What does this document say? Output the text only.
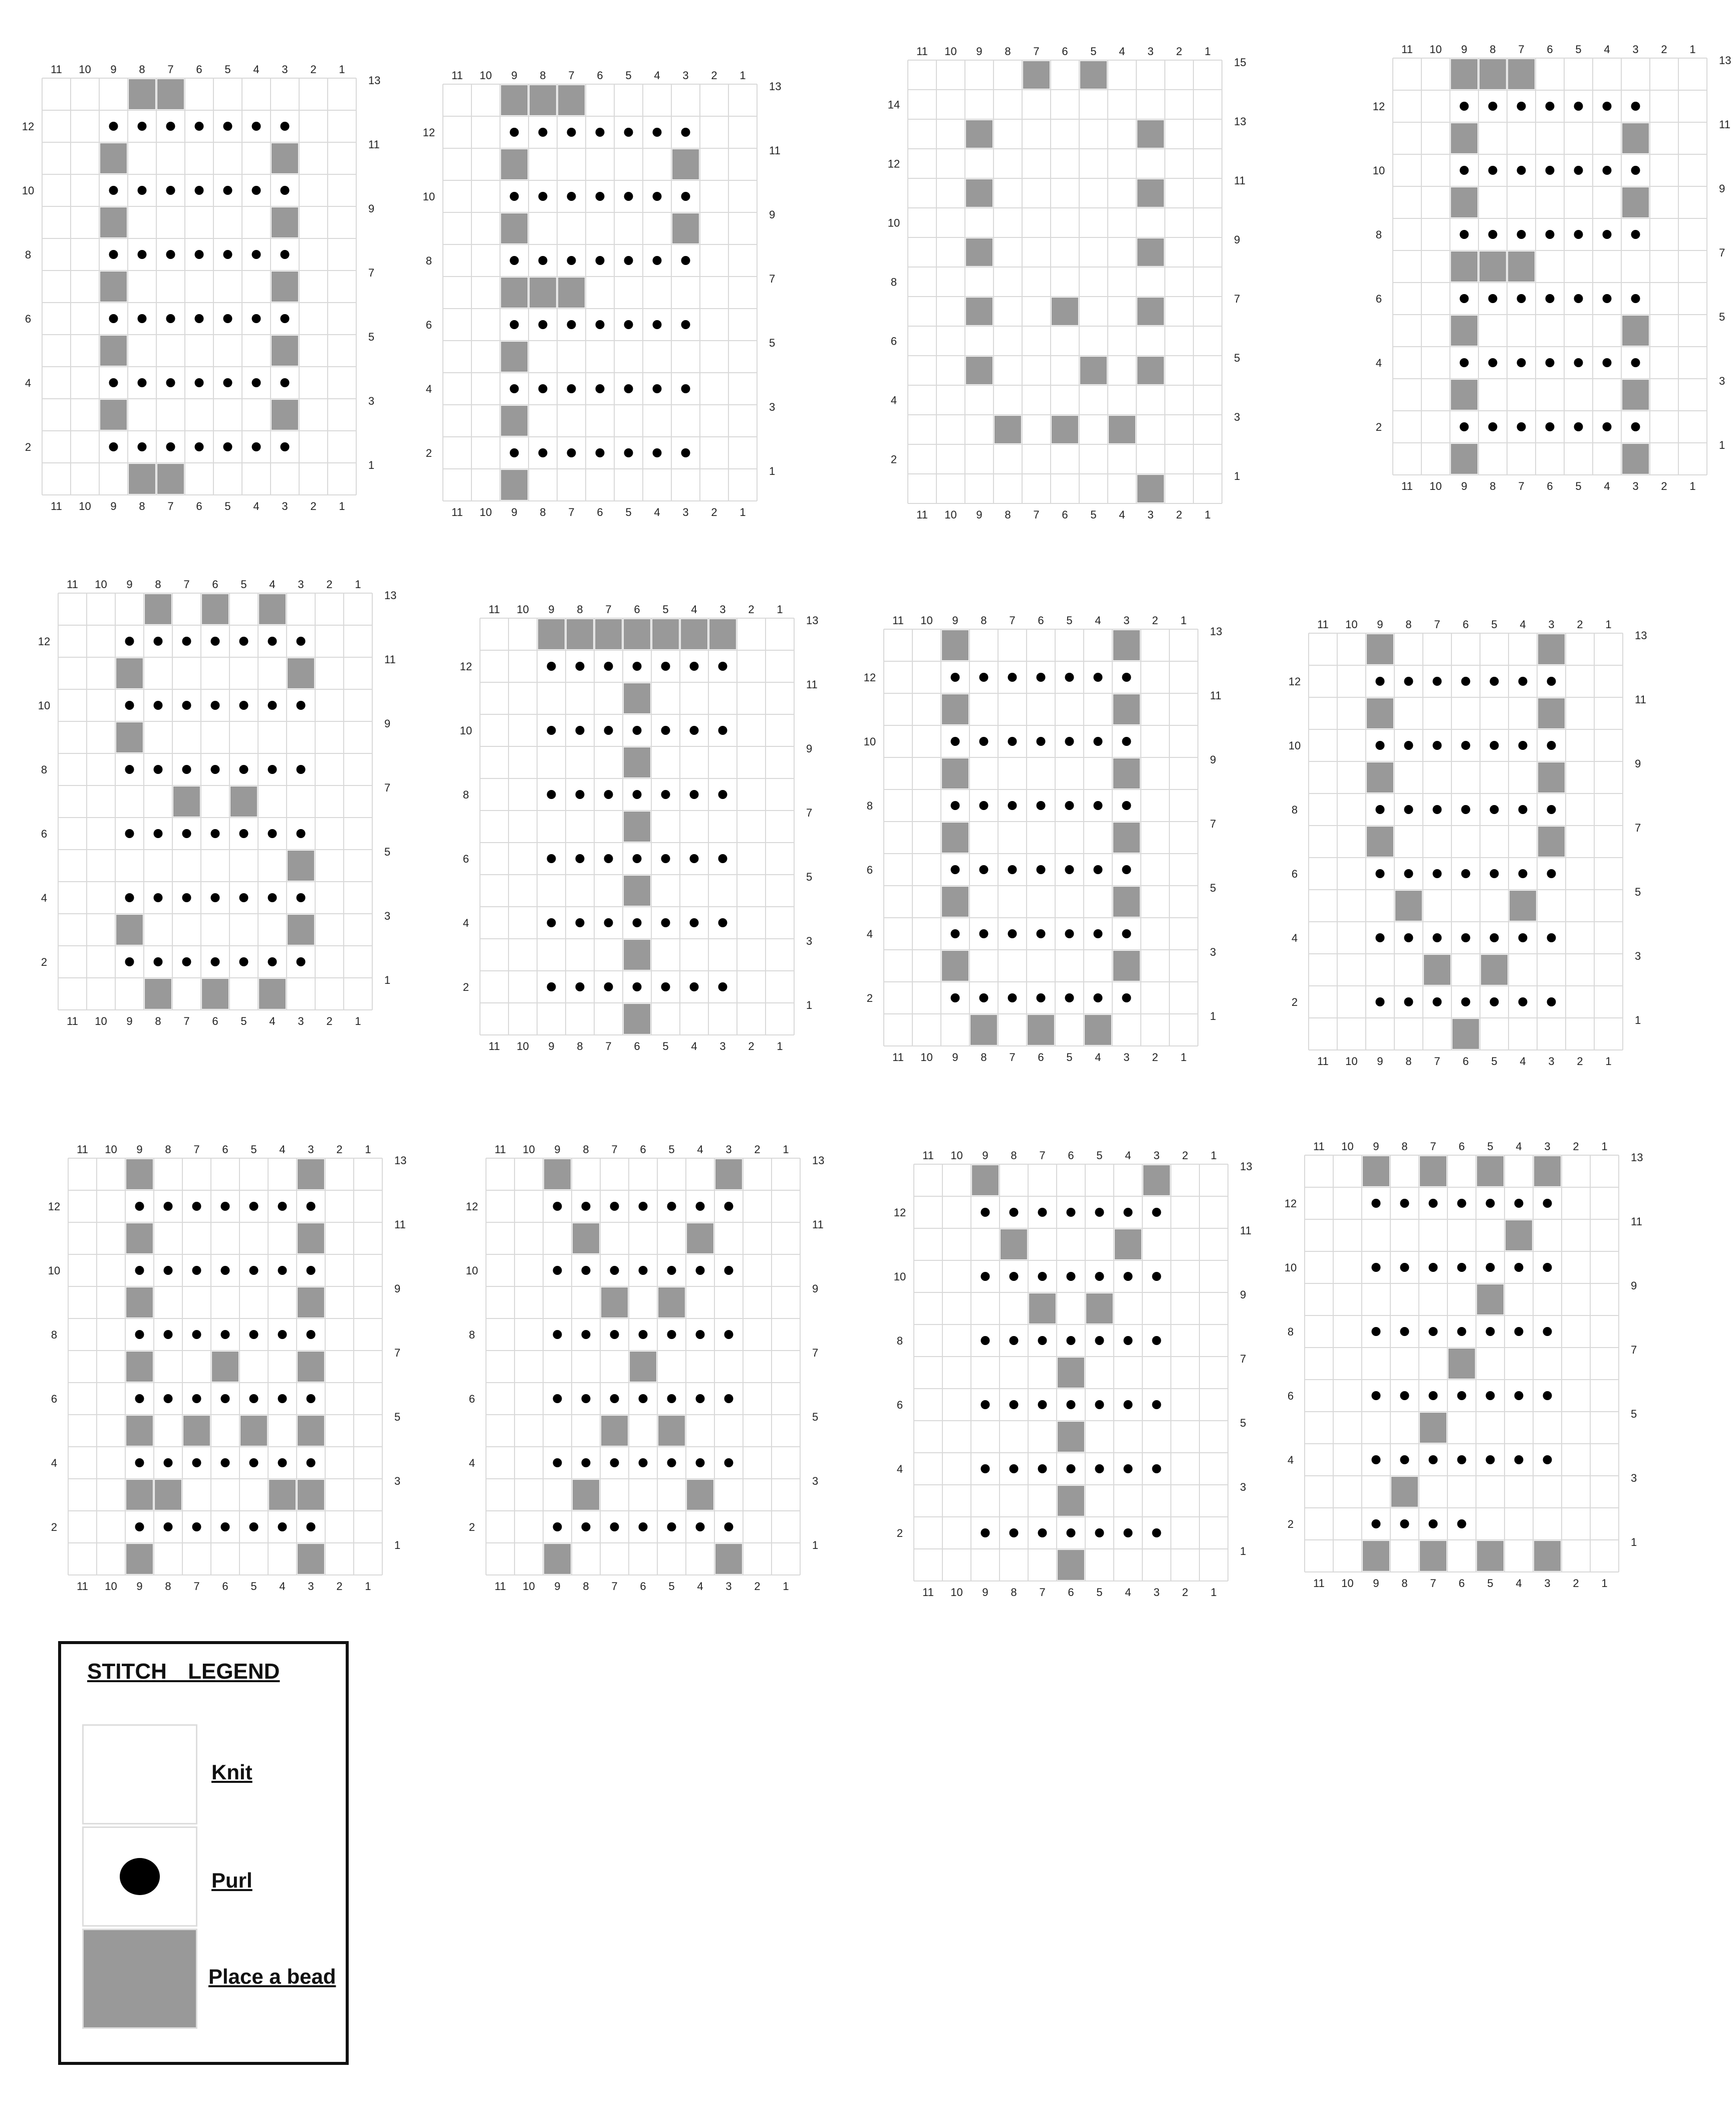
11
11
10
10
9
9
8
8
7
7
6
6
5
5
4
4
3
3
2
2
1
1
12
10
8
6
4
2
13
11
9
7
5
3
1
11
11
10
10
9
9
8
8
7
7
6
6
5
5
4
4
3
3
2
2
1
1
12
10
8
6
4
2
13
11
9
7
5
3
1
11
11
10
10
9
9
8
8
7
7
6
6
5
5
4
4
3
3
2
2
1
1
14
12
10
8
6
4
2
15
13
11
9
7
5
3
1
11
11
10
10
9
9
8
8
7
7
6
6
5
5
4
4
3
3
2
2
1
1
12
10
8
6
4
2
13
11
9
7
5
3
1
11
11
10
10
9
9
8
8
7
7
6
6
5
5
4
4
3
3
2
2
1
1
12
10
8
6
4
2
13
11
9
7
5
3
1
11
11
10
10
9
9
8
8
7
7
6
6
5
5
4
4
3
3
2
2
1
1
12
10
8
6
4
2
13
11
9
7
5
3
1
11
11
10
10
9
9
8
8
7
7
6
6
5
5
4
4
3
3
2
2
1
1
12
10
8
6
4
2
13
11
9
7
5
3
1
11
11
10
10
9
9
8
8
7
7
6
6
5
5
4
4
3
3
2
2
1
1
12
10
8
6
4
2
13
11
9
7
5
3
1
11
11
10
10
9
9
8
8
7
7
6
6
5
5
4
4
3
3
2
2
1
1
12
10
8
6
4
2
13
11
9
7
5
3
1
11
11
10
10
9
9
8
8
7
7
6
6
5
5
4
4
3
3
2
2
1
1
12
10
8
6
4
2
13
11
9
7
5
3
1
11
11
10
10
9
9
8
8
7
7
6
6
5
5
4
4
3
3
2
2
1
1
12
10
8
6
4
2
13
11
9
7
5
3
1
11
11
10
10
9
9
8
8
7
7
6
6
5
5
4
4
3
3
2
2
1
1
12
10
8
6
4
2
13
11
9
7
5
3
1
STITCH LEGEND
Knit
Purl
Place a bead
